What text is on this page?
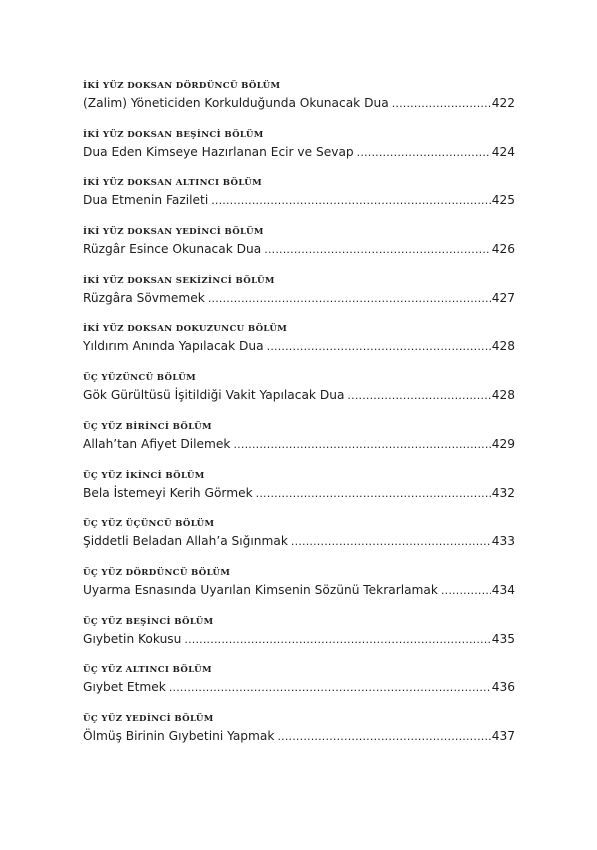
İKİ YÜZ DOKSAN DÖRDÜNCÜ BÖLÜM
(Zalim) Yöneticiden Korkulduğunda Okunacak Dua .....	422
İKİ YÜZ DOKSAN BEŞİNCİ BÖLÜM
Dua Eden Kimseye Hazırlanan Ecir ve Sevap .....	424
İKİ YÜZ DOKSAN ALTINCI BÖLÜM
Dua Etmenin Fazileti .....	425
İKİ YÜZ DOKSAN YEDİNCİ BÖLÜM
Rüzgâr Esince Okunacak Dua .....	426
İKİ YÜZ DOKSAN SEKİZİNCİ BÖLÜM
Rüzgâra Sövmemek .....	427
İKİ YÜZ DOKSAN DOKUZUNCU BÖLÜM
Yıldırım Anında Yapılacak Dua .....	428
ÜÇ YÜZÜNCÜ BÖLÜM
Gök Gürültüsü İşitildiği Vakit Yapılacak Dua .....	428
ÜÇ YÜZ BİRİNCİ BÖLÜM
Allah’tan Afiyet Dilemek .....	429
ÜÇ YÜZ İKİNCİ BÖLÜM
Bela İstemeyi Kerih Görmek .....	432
ÜÇ YÜZ ÜÇÜNCÜ BÖLÜM
Şiddetli Beladan Allah’a Sığınmak .....	433
ÜÇ YÜZ DÖRDÜNCÜ BÖLÜM
Uyarma Esnasında Uyarılan Kimsenin Sözünü Tekrarlamak .....	434
ÜÇ YÜZ BEŞİNCİ BÖLÜM
Gıybetin Kokusu .....	435
ÜÇ YÜZ ALTINCI BÖLÜM
Gıybet Etmek .....	436
ÜÇ YÜZ YEDİNCİ BÖLÜM
Ölmüş Birinin Gıybetini Yapmak .....	437
